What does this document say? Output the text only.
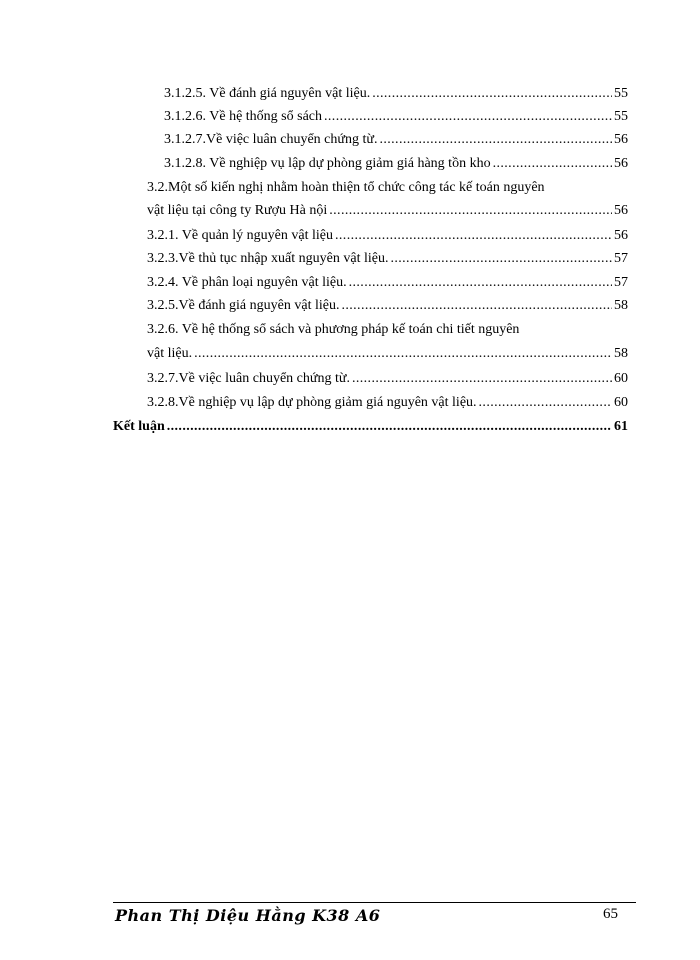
3.1.2.5. Về đánh giá nguyên vật liệu. .....	55
3.1.2.6. Về hệ thống sổ sách .....	55
3.1.2.7.Về việc luân chuyển chứng từ. .....	56
3.1.2.8. Về nghiệp vụ lập dự phòng giảm giá hàng tồn kho .....	56
3.2.Một số kiến nghị nhằm hoàn thiện tổ chức công tác kế toán nguyên
vật liệu tại công ty Rượu Hà nội .....	56
3.2.1. Về quản lý nguyên vật liệu .....	56
3.2.3.Về thủ tục nhập xuất nguyên vật liệu. .....	57
3.2.4. Về phân loại nguyên vật liệu. .....	57
3.2.5.Về đánh giá nguyên vật liệu. .....	58
3.2.6. Về hệ thống sổ sách và phương pháp kế toán chi tiết nguyên
vật liệu. .....	58
3.2.7.Về việc luân chuyển chứng từ. .....	60
3.2.8.Về nghiệp vụ lập dự phòng giảm giá nguyên vật liệu. .....	60
Kết luận .....	61
Phan Thị Diệu Hằng K38 A6	65
